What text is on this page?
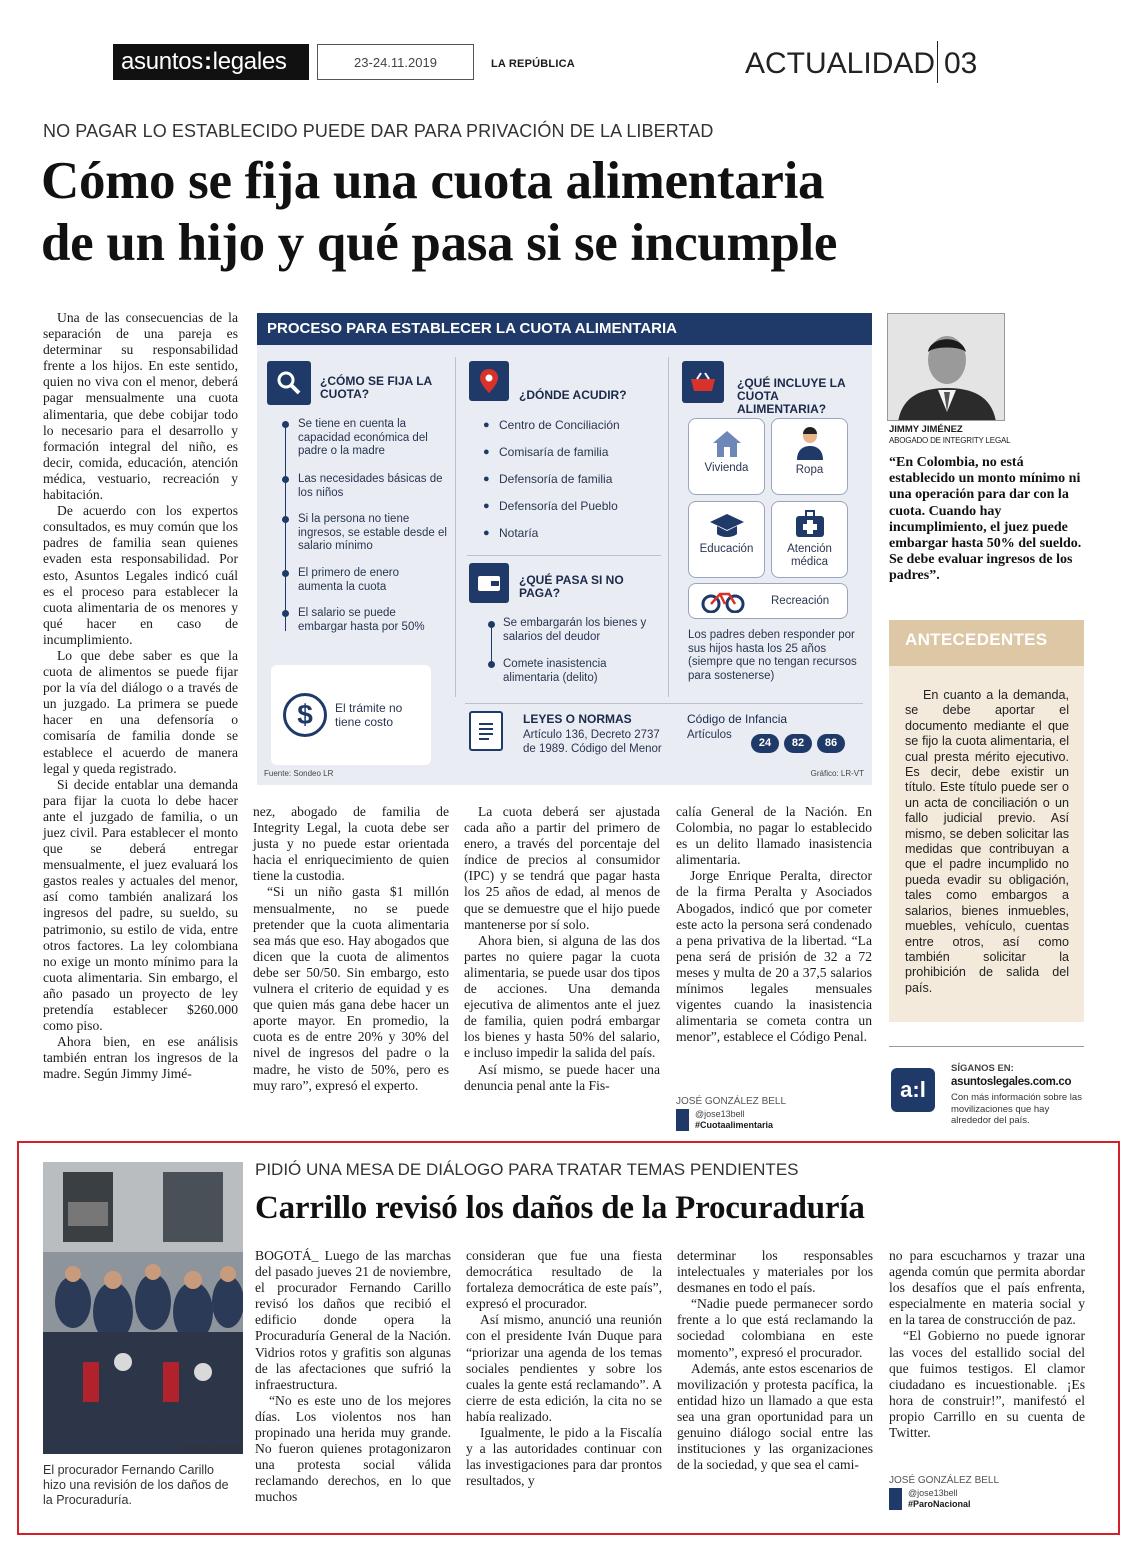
asuntos:legales	23-24.11.2019	LA REPÚBLICA	ACTUALIDAD 03
NO PAGAR LO ESTABLECIDO PUEDE DAR PARA PRIVACIÓN DE LA LIBERTAD
Cómo se fija una cuota alimentaria
de un hijo y qué pasa si se incumple

Una de las consecuencias de la separación de una pareja es determinar su responsabilidad frente a los hijos. En este sentido, quien no viva con el menor, deberá pagar mensualmente una cuota alimentaria, que debe cobijar todo lo necesario para el desarrollo y formación integral del niño, es decir, comida, educación, atención médica, vestuario, recreación y habitación.

De acuerdo con los expertos consultados, es muy común que los padres de familia sean quienes evaden esta responsabilidad. Por esto, Asuntos Legales indicó cuál es el proceso para establecer la cuota alimentaria de os menores y qué hacer en caso de incumplimiento.

Lo que debe saber es que la cuota de alimentos se puede fijar por la vía del diálogo o a través de un juzgado. La primera se puede hacer en una defensoría o comisaría de familia donde se establece el acuerdo de manera legal y queda registrado.

Si decide entablar una demanda para fijar la cuota lo debe hacer ante el juzgado de familia, o un juez civil. Para establecer el monto que se deberá entregar mensualmente, el juez evaluará los gastos reales y actuales del menor, así como también analizará los ingresos del padre, su sueldo, su patrimonio, su estilo de vida, entre otros factores. La ley colombiana no exige un monto mínimo para la cuota alimentaria. Sin embargo, el año pasado un proyecto de ley pretendía establecer $260.000 como piso.

Ahora bien, en ese análisis también entran los ingresos de la madre. Según Jimmy Jimé-

nez, abogado de familia de Integrity Legal, la cuota debe ser justa y no puede estar orientada hacia el enriquecimiento de quien tiene la custodia.

“Si un niño gasta $1 millón mensualmente, no se puede pretender que la cuota alimentaria sea más que eso. Hay abogados que dicen que la cuota de alimentos debe ser 50/50. Sin embargo, esto vulnera el criterio de equidad y es que quien más gana debe hacer un aporte mayor. En promedio, la cuota es de entre 20% y 30% del nivel de ingresos del padre o la madre, he visto de 50%, pero es muy raro”, expresó el experto.

La cuota deberá ser ajustada cada año a partir del primero de enero, a través del porcentaje del índice de precios al consumidor (IPC) y se tendrá que pagar hasta los 25 años de edad, al menos de que se demuestre que el hijo puede mantenerse por sí solo.

Ahora bien, si alguna de las dos partes no quiere pagar la cuota alimentaria, se puede usar dos tipos de acciones. Una demanda ejecutiva de alimentos ante el juez de familia, quien podrá embargar los bienes y hasta 50% del salario, e incluso impedir la salida del país.

Así mismo, se puede hacer una denuncia penal ante la Fis-

calía General de la Nación. En Colombia, no pagar lo establecido es un delito llamado inasistencia alimentaria.

Jorge Enrique Peralta, director de la firma Peralta y Asociados Abogados, indicó que por cometer este acto la persona será condenado a pena privativa de la libertad. “La pena será de prisión de 32 a 72 meses y multa de 20 a 37,5 salarios mínimos legales mensuales vigentes cuando la inasistencia alimentaria se cometa contra un menor”, establece el Código Penal.

JOSÉ GONZÁLEZ BELL
@jose13bell
#Cuotaalimentaria
PROCESO PARA ESTABLECER LA CUOTA ALIMENTARIA
¿CÓMO SE FIJA LA CUOTA?
Se tiene en cuenta la capacidad económica del padre o la madre
Las necesidades básicas de los niños
Si la persona no tiene ingresos, se estable desde el salario mínimo
El primero de enero aumenta la cuota
El salario se puede embargar hasta por 50%
$	El trámite no tiene costo
¿DÓNDE ACUDIR?
● Centro de Conciliación
● Comisaría de familia
● Defensoría de familia
● Defensoría del Pueblo
● Notaría
¿QUÉ PASA SI NO PAGA?
Se embargarán los bienes y salarios del deudor
Comete inasistencia alimentaria (delito)
¿QUÉ INCLUYE LA CUOTA ALIMENTARIA?
Vivienda	Ropa
Educación	Atención médica
Recreación
Los padres deben responder por sus hijos hasta los 25 años (siempre que no tengan recursos para sostenerse)
LEYES O NORMAS
Artículo 136, Decreto 2737 de 1989. Código del Menor
Código de Infancia
Artículos
24	82	86
Fuente: Sondeo LR	Gráfico: LR-VT
JIMMY JIMÉNEZ
ABOGADO DE INTEGRITY LEGAL
“En Colombia, no está establecido un monto mínimo ni una operación para dar con la cuota. Cuando hay incumplimiento, el juez puede embargar hasta 50% del sueldo. Se debe evaluar ingresos de los padres”.
ANTECEDENTES
En cuanto a la demanda, se debe aportar el documento mediante el que se fijo la cuota alimentaria, el cual presta mérito ejecutivo. Es decir, debe existir un título. Este título puede ser o un acta de conciliación o un fallo judicial previo. Así mismo, se deben solicitar las medidas que contribuyan a que el padre incumplido no pueda evadir su obligación, tales como embargos a salarios, bienes inmuebles, muebles, vehículo, cuentas entre otros, así como también solicitar la prohibición de salida del país.
a:l
SÍGANOS EN:
asuntoslegales.com.co
Con más información sobre las movilizaciones que hay alrededor del país.
PROCURADURÍA
El procurador Fernando Carillo hizo una revisión de los daños de la Procuraduría.
PIDIÓ UNA MESA DE DIÁLOGO PARA TRATAR TEMAS PENDIENTES
Carrillo revisó los daños de la Procuraduría

BOGOTÁ_ Luego de las marchas del pasado jueves 21 de noviembre, el procurador Fernando Carillo revisó los daños que recibió el edificio donde opera la Procuraduría General de la Nación. Vidrios rotos y grafitis son algunas de las afectaciones que sufrió la infraestructura.

“No es este uno de los mejores días. Los violentos nos han propinado una herida muy grande. No fueron quienes protagonizaron una protesta social válida reclamando derechos, en lo que muchos

consideran que fue una fiesta democrática resultado de la fortaleza democrática de este país”, expresó el procurador.

Así mismo, anunció una reunión con el presidente Iván Duque para “priorizar una agenda de los temas sociales pendientes y sobre los cuales la gente está reclamando”. A cierre de esta edición, la cita no se había realizado.

Igualmente, le pido a la Fiscalía y a las autoridades continuar con las investigaciones para dar prontos resultados, y

determinar los responsables intelectuales y materiales por los desmanes en todo el país.

“Nadie puede permanecer sordo frente a lo que está reclamando la sociedad colombiana en este momento”, expresó el procurador.

Además, ante estos escenarios de movilización y protesta pacífica, la entidad hizo un llamado a que esta sea una gran oportunidad para un genuino diálogo social entre las instituciones y las organizaciones de la sociedad, y que sea el cami-

no para escucharnos y trazar una agenda común que permita abordar los desafíos que el país enfrenta, especialmente en materia social y en la tarea de construcción de paz.

“El Gobierno no puede ignorar las voces del estallido social del que fuimos testigos. El clamor ciudadano es incuestionable. ¡Es hora de construir!”, manifestó el propio Carrillo en su cuenta de Twitter.

JOSÉ GONZÁLEZ BELL
@jose13bell
#ParoNacional
